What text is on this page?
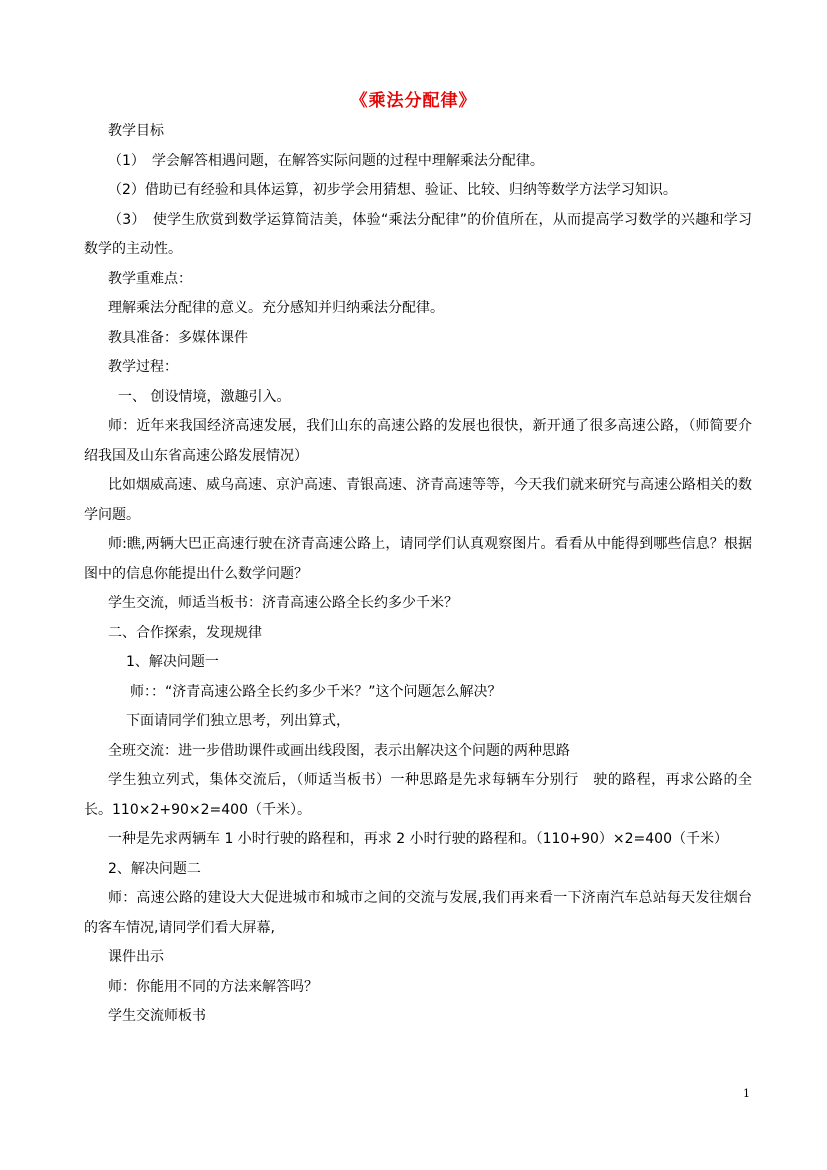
《乘法分配律》

教学目标

（1）　学会解答相遇问题，在解答实际问题的过程中理解乘法分配律。

（2）借助已有经验和具体运算，初步学会用猜想、验证、比较、归纳等数学方法学习知识。

（3）　使学生欣赏到数学运算简洁美，体验“乘法分配律”的价值所在，从而提高学习数学的兴趣和学习数学的主动性。

教学重难点：

理解乘法分配律的意义。充分感知并归纳乘法分配律。

教具准备：多媒体课件

教学过程：

一、 创设情境，激趣引入。

师：近年来我国经济高速发展，我们山东的高速公路的发展也很快，新开通了很多高速公路，（师简要介绍我国及山东省高速公路发展情况）

比如烟威高速、威乌高速、京沪高速、青银高速、济青高速等等，今天我们就来研究与高速公路相关的数学问题。

师:瞧,两辆大巴正高速行驶在济青高速公路上，请同学们认真观察图片。看看从中能得到哪些信息？根据图中的信息你能提出什么数学问题？

学生交流，师适当板书：济青高速公路全长约多少千米？

二、合作探索，发现规律

1、解决问题一

师：：“济青高速公路全长约多少千米？”这个问题怎么解决？

下面请同学们独立思考，列出算式，

全班交流：进一步借助课件或画出线段图，表示出解决这个问题的两种思路

学生独立列式，集体交流后，（师适当板书）一种思路是先求每辆车分别行　驶的路程，再求公路的全长。110×2+90×2=400（千米）。

一种是先求两辆车 1 小时行驶的路程和，再求 2 小时行驶的路程和。（110+90）×2=400（千米）

2、解决问题二

师：高速公路的建设大大促进城市和城市之间的交流与发展,我们再来看一下济南汽车总站每天发往烟台的客车情况,请同学们看大屏幕,

课件出示

师：你能用不同的方法来解答吗？

学生交流师板书

1
